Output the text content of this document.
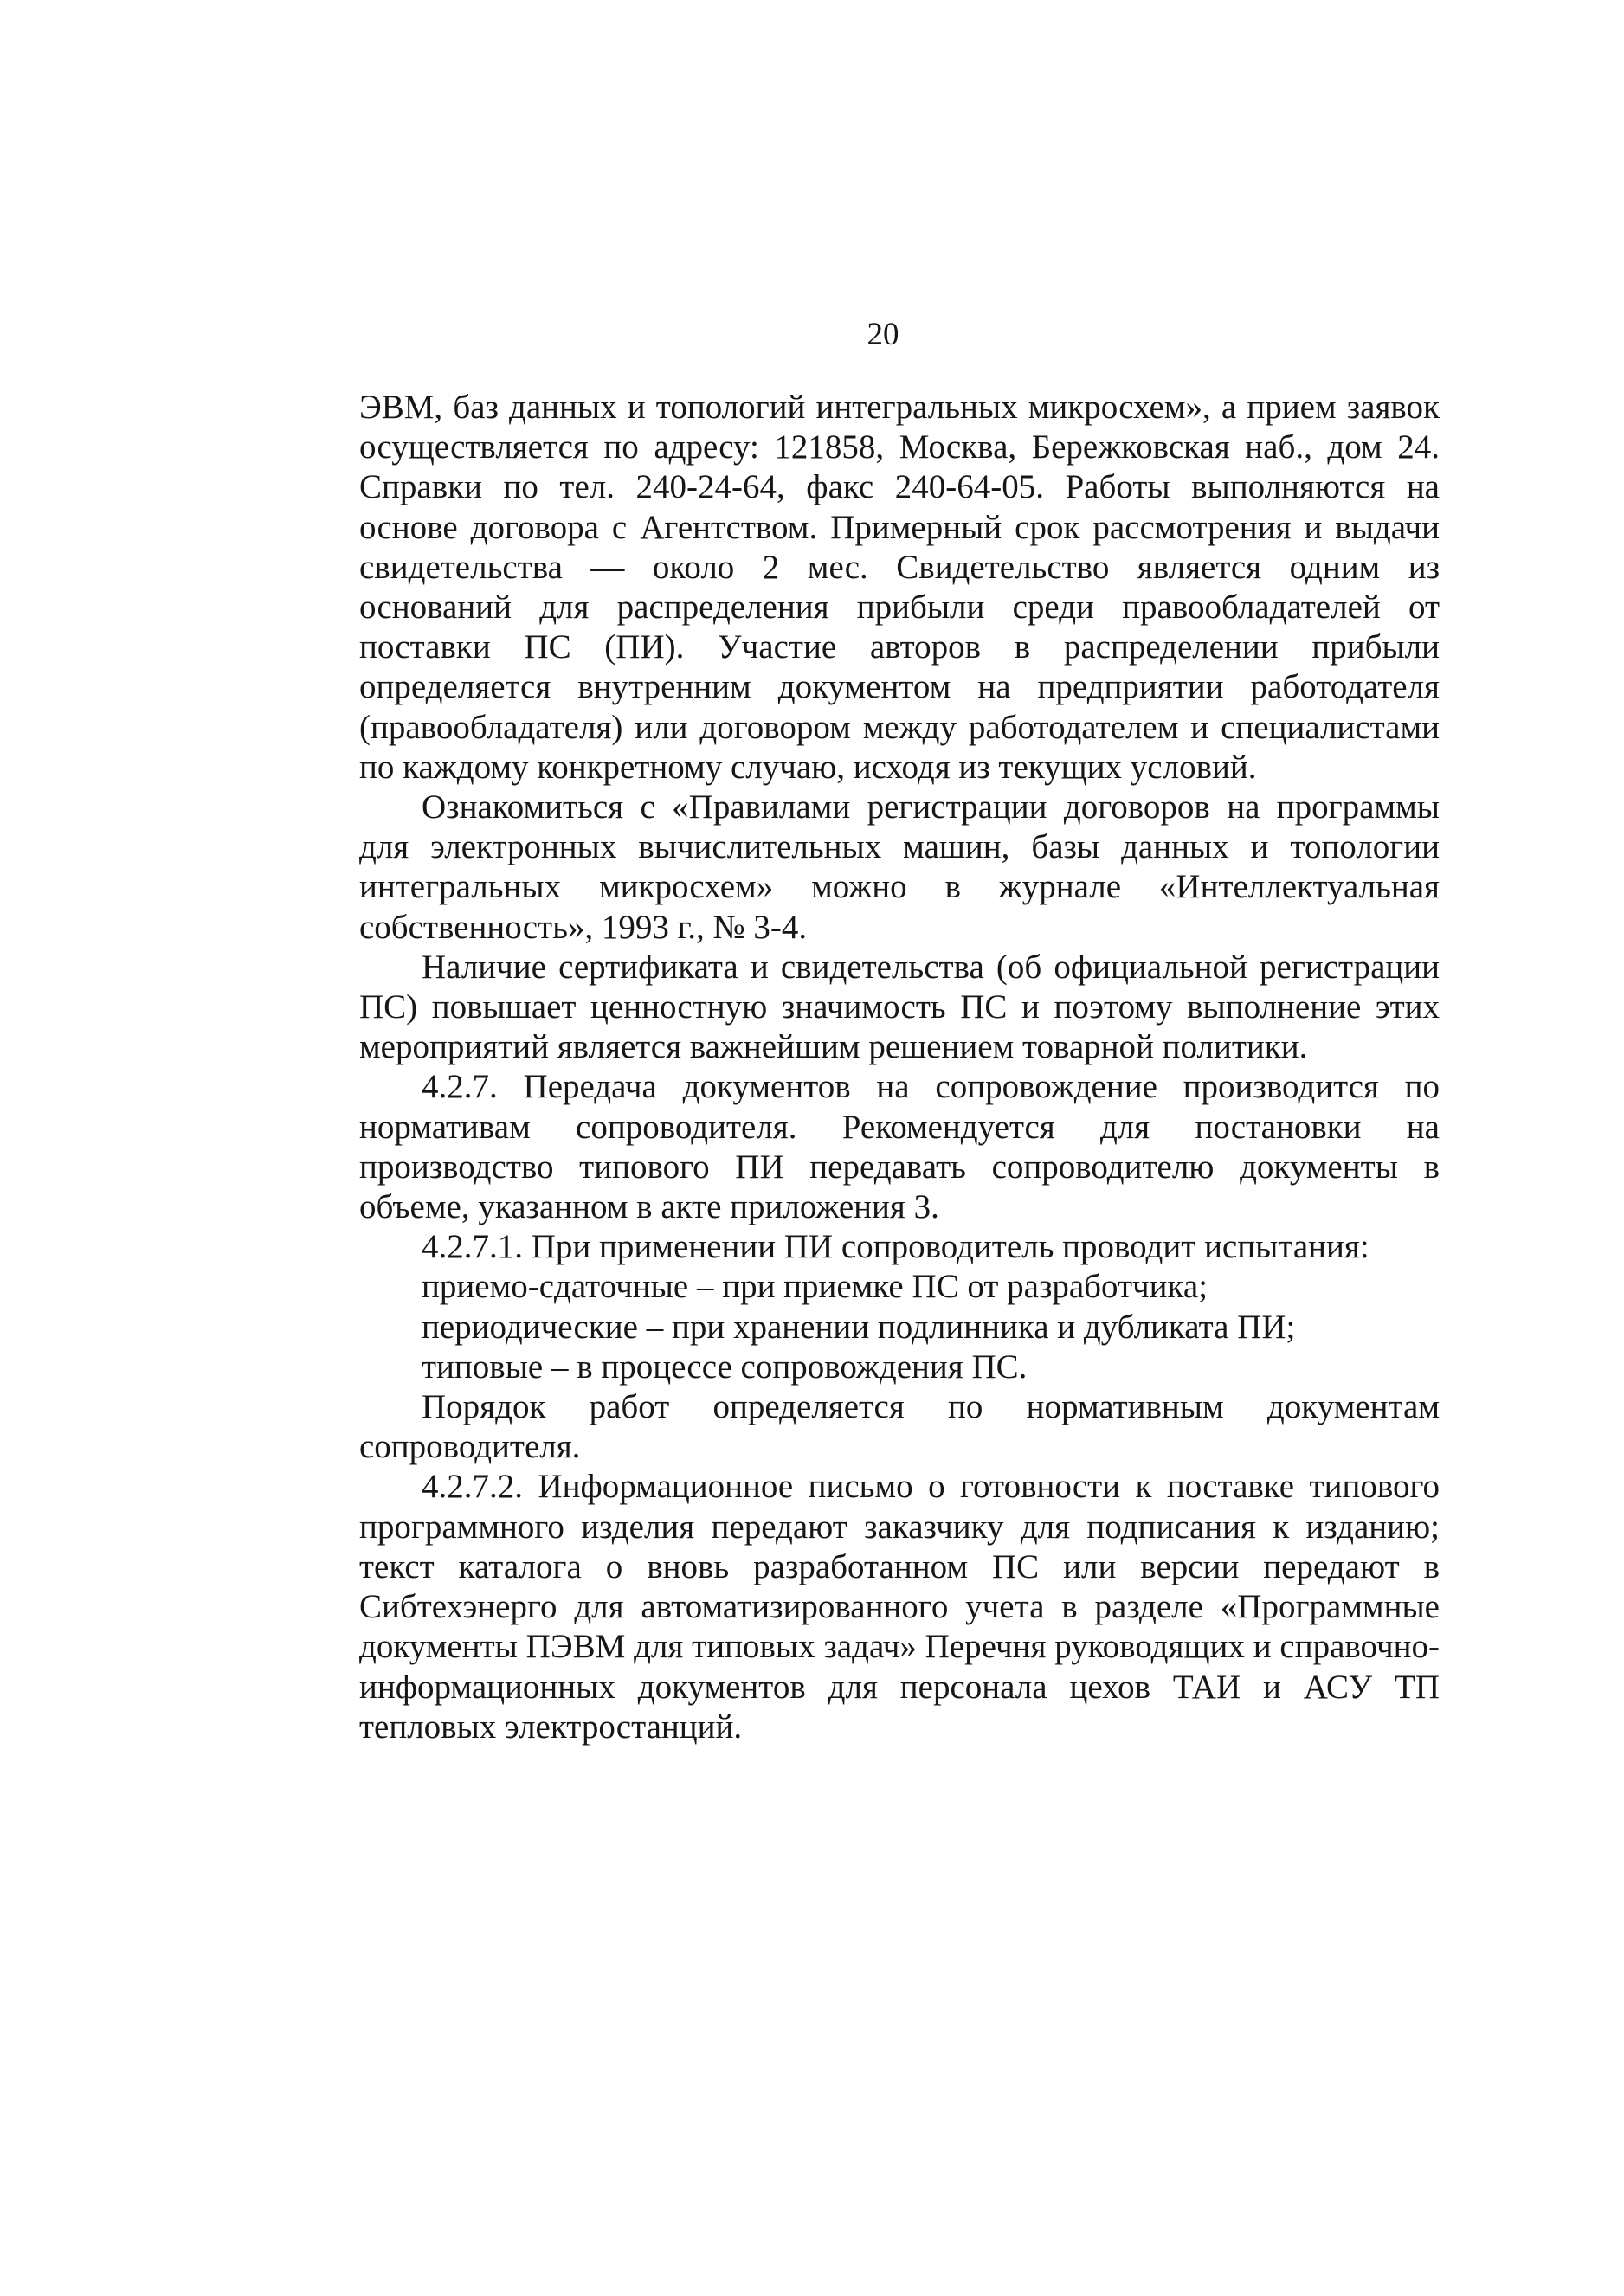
20

ЭВМ, баз данных и топологий интегральных микросхем», а прием заявок осуществляется по адресу: 121858, Москва, Бережковская наб., дом 24. Справки по тел. 240-24-64, факс 240-64-05. Работы выполняются на основе договора с Агентством. Примерный срок рассмотрения и выдачи свидетельства — около 2 мес. Свидетельство является одним из оснований для распределения прибыли среди правообладателей от поставки ПС (ПИ). Участие авторов в распределении прибыли определяется внутренним документом на предприятии работодателя (правообладателя) или договором между работодателем и специалистами по каждому конкретному случаю, исходя из текущих условий.

Ознакомиться с «Правилами регистрации договоров на программы для электронных вычислительных машин, базы данных и топологии интегральных микросхем» можно в журнале «Интеллектуальная собственность», 1993 г., № 3-4.

Наличие сертификата и свидетельства (об официальной регистрации ПС) повышает ценностную значимость ПС и поэтому выполнение этих мероприятий является важнейшим решением товарной политики.

4.2.7. Передача документов на сопровождение производится по нормативам сопроводителя. Рекомендуется для постановки на производство типового ПИ передавать сопроводителю документы в объеме, указанном в акте приложения 3.

4.2.7.1. При применении ПИ сопроводитель проводит испытания:

приемо-сдаточные – при приемке ПС от разработчика;

периодические – при хранении подлинника и дубликата ПИ;

типовые – в процессе сопровождения ПС.

Порядок работ определяется по нормативным документам сопроводителя.

4.2.7.2. Информационное письмо о готовности к поставке типового программного изделия передают заказчику для подписания к изданию; текст каталога о вновь разработанном ПС или версии передают в Сибтехэнерго для автоматизированного учета в разделе «Программные документы ПЭВМ для типовых задач» Перечня руководящих и справочно-информационных документов для персонала цехов ТАИ и АСУ ТП тепловых электростанций.
